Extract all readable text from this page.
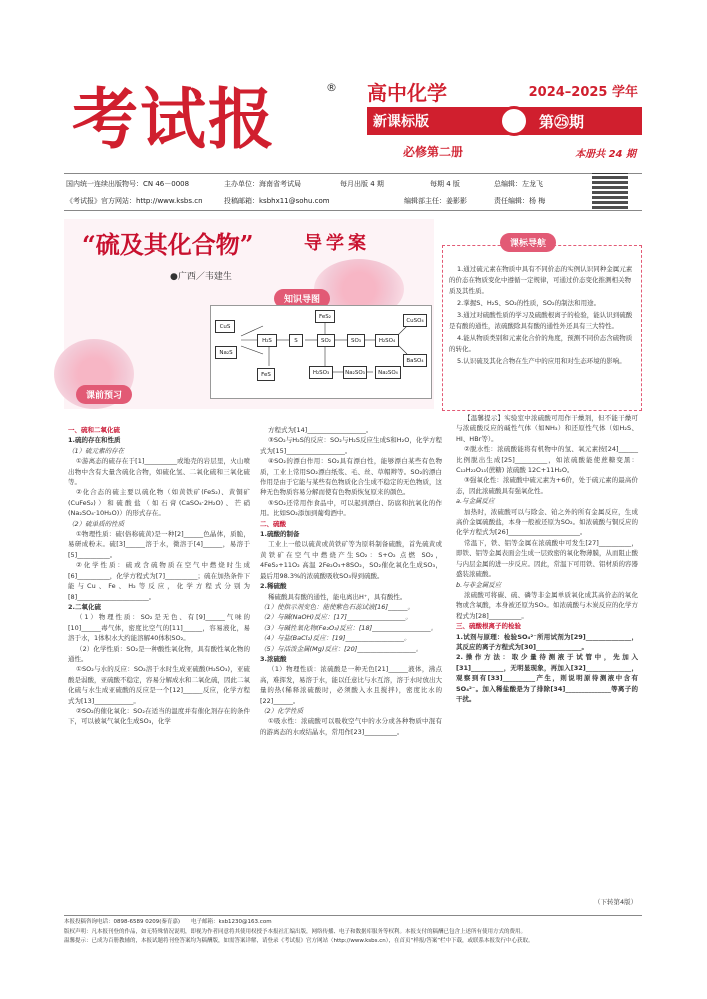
考试报	® 高中化学	2024–2025 学年
新课标版	第㉕期
必修第二册	本册共 24 期
国内统一连续出版物号：CN 46－0008	主办单位：海南省考试局	每月出版 4 期	每期 4 版	总编辑：左龙飞
《考试报》官方网站：http://www.ksbs.cn	投稿邮箱：ksbhx11@sohu.com	编辑部主任：姜影影	责任编辑：杨 梅
“硫及其化合物”	导学案
●广西／韦建生
知识导图
FeS₂
CuS
Na₂S
H₂S	S	SO₂	SO₃	H₂SO₄
CuSO₄
BaSO₄
FeS	H₂SO₃	Na₂SO₃	Na₂SO₄
课标导航

1.通过硫元素在物质中具有不同价态的实例认识同种金属元素的价态在物质变化中遵循一定规律，可通过价态变化推测相关物质及其性质。

2.掌握S、H₂S、SO₂的性质，SO₂的制法和用途。

3.通过对硫酸性质的学习及硫酸根离子的检验，能认识到硫酸是有酸的通性，浓硫酸除具有酸的通性外还具有三大特性。

4.能从物质类别和元素化合价的角度，预测不同价态含硫物质的转化。

5.认识硫及其化合物在生产中的应用和对生态环境的影响。

课前预习

一、硫和二氧化硫

1.硫的存在和性质

（1）硫元素的存在

①游离态的硫存在于[1]__________或地壳的岩层里，火山喷出物中含有大量含硫化合物，如硫化氢、二氧化硫和三氧化硫等。

②化合态的硫主要以硫化物（如黄铁矿(FeS₂)、黄铜矿(CuFeS₂)）和硫酸盐（如石膏(CaSO₄·2H₂O)、芒硝(Na₂SO₄·10H₂O)）的形式存在。

（2）硫单质的性质

①物理性质：硫(俗称硫黄)是一种[2]______色晶体，质脆，易研成粉末。硫[3]______溶于水，微溶于[4]______，易溶于[5]__________。

②化学性质：硫或含硫物质在空气中燃烧时生成[6]__________，化学方程式为[7]__________；硫在加热条件下能与Cu、Fe、H₂等反应，化学方程式分别为[8]______________________。

2.二氧化硫

（1）物理性质：SO₂是无色、有[9]______气味的[10]______毒气体，密度比空气的[11]______，容易液化，易溶于水，1体积水大约能溶解40体积SO₂。

（2）化学性质：SO₂是一种酸性氧化物，具有酸性氧化物的通性。

①SO₂与水的反应：SO₂溶于水时生成亚硫酸(H₂SO₃)，亚硫酸是弱酸，亚硫酸不稳定，容易分解成水和二氧化硫，因此二氧化硫与水生成亚硫酸的反应是一个[12]______反应，化学方程式为[13]____________。

②SO₂的催化氧化：SO₂在适当的温度并有催化剂存在的条件下，可以被氧气氧化生成SO₃，化学

方程式为[14]__________________。

③SO₂与H₂S的反应：SO₂与H₂S反应生成S和H₂O，化学方程式为[15]__________________。

④SO₂的漂白作用：SO₂具有漂白性，能够漂白某些有色物质，工业上常用SO₂漂白纸浆、毛、丝、草帽辫等。SO₂的漂白作用是由于它能与某些有色物质化合生成不稳定的无色物质，这种无色物质容易分解而使有色物质恢复原来的颜色。

⑤SO₂还常用作食品中，可以起到漂白、防腐和抗氧化的作用。比如SO₂添加到葡萄酒中。

二、硫酸

1.硫酸的制备

工业上一般以硫黄或黄铁矿等为原料制备硫酸，首先硫黄或黄铁矿在空气中燃烧产生SO₂：S+O₂ 点燃 SO₂，4FeS₂+11O₂ 高温 2Fe₂O₃+8SO₂，SO₂催化氧化生成SO₃，最后用98.3%的浓硫酸吸收SO₃得到硫酸。

2.稀硫酸

稀硫酸具有酸的通性，能电离出H⁺，具有酸性。

（1）使指示剂变色：能使紫色石蕊试液[16]______。

（2）与碱(NaOH)反应：[17]__________________。

（3）与碱性氧化物(Fe₂O₃)反应：[18]__________________。

（4）与盐(BaCl₂)反应：[19]__________________。

（5）与活泼金属(Mg)反应：[20]__________________。

3.浓硫酸

（1）物理性质：浓硫酸是一种无色[21]______液体，沸点高，难挥发，易溶于水，能以任意比与水互溶，溶于水时放出大量的热(稀释浓硫酸时，必须酸入水且搅拌)，密度比水的[22]______。

（2）化学性质

①吸水性：浓硫酸可以吸收空气中的水分或各种物质中混有的游离态的水或结晶水，常用作[23]__________。

【温馨提示】实验室中浓硫酸可用作干燥剂，但不能干燥可与浓硫酸反应的碱性气体（如NH₃）和还原性气体（如H₂S、HI、HBr等）。

②脱水性：浓硫酸能将有机物中的氢、氧元素按[24]______比例脱出生成[25]__________，如浓硫酸能使蔗糖变黑：C₁₂H₂₂O₁₁(蔗糖) 浓硫酸 12C+11H₂O。

③强氧化性：浓硫酸中硫元素为+6价，处于硫元素的最高价态，因此浓硫酸具有强氧化性。

a.与金属反应

加热时，浓硫酸可以与除金、铂之外的所有金属反应，生成高价金属硫酸盐，本身一般被还原为SO₂。如浓硫酸与铜反应的化学方程式为[26]______________________。

常温下，铁、铝等金属在浓硫酸中可发生[27]__________，即铁、铝等金属表面会生成一层致密的氧化物薄膜，从而阻止酸与内层金属的进一步反应。因此，常温下可用铁、铝材质的容器盛装浓硫酸。

b.与非金属反应

浓硫酸可将碳、硫、磷等非金属单质氧化成其高价态的氧化物或含氧酸，本身被还原为SO₂。如浓硫酸与木炭反应的化学方程式为[28]__________。

三、硫酸根离子的检验

1.试剂与原理：检验SO₄²⁻所用试剂为[29]______________，其反应的离子方程式为[30]______________。

2.操作方法：取少量待测液于试管中，先加入[31]__________，无明显现象，再加入[32]______________，观察到有[33]__________产生，则说明原待测液中含有SO₄²⁻。加入稀盐酸是为了排除[34]______________等离子的干扰。

（下转第4版）
本报投稿咨询电话：0898-6589 0209(秦育嘉)　　电子邮箱：ksb1230@163.com
版权声明：凡本报刊登的作品，如无特殊情况说明，即视为作者同意将其使用权授予本报社汇编出版，网络传播、电子和数据库服务等权利。本报支付的稿酬已包含上述所有使用方式的费用。
温馨提示：已成为百册教辅的，本报试题将刊登答案均为稿酬版，如需答案详解，请登录《考试报》官方网站（http://www.ksbs.cn），在首页“样报/答案”栏中下载，或联系本报发行中心获取。
